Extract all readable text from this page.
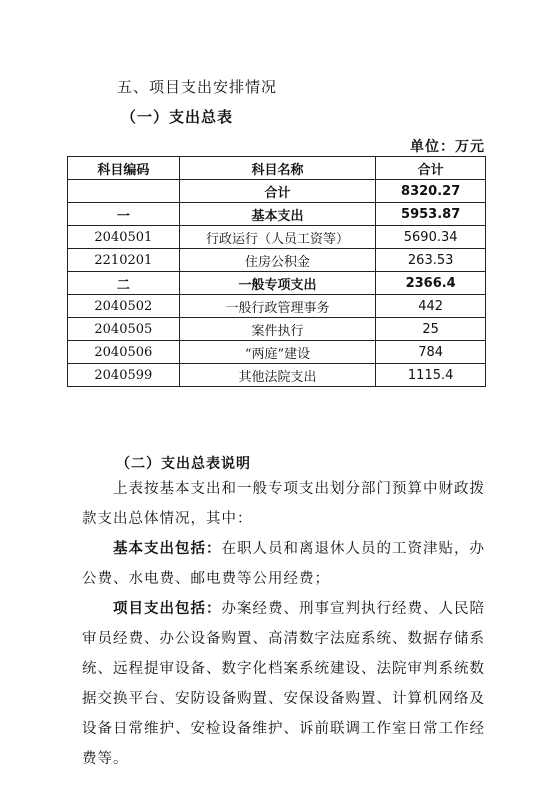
五、项目支出安排情况
（一）支出总表
单位：万元
科目编码	科目名称	合计
	合计	8320.27
一	基本支出	5953.87
2040501	行政运行（人员工资等）	5690.34
2210201	住房公积金	263.53
二	一般专项支出	2366.4
2040502	一般行政管理事务	442
2040505	案件执行	25
2040506	“两庭”建设	784
2040599	其他法院支出	1115.4
（二）支出总表说明
上表按基本支出和一般专项支出划分部门预算中财政拨款支出总体情况，其中：
基本支出包括：在职人员和离退休人员的工资津贴，办公费、水电费、邮电费等公用经费；
项目支出包括：办案经费、刑事宣判执行经费、人民陪审员经费、办公设备购置、高清数字法庭系统、数据存储系统、远程提审设备、数字化档案系统建设、法院审判系统数据交换平台、安防设备购置、安保设备购置、计算机网络及设备日常维护、安检设备维护、诉前联调工作室日常工作经费等。
